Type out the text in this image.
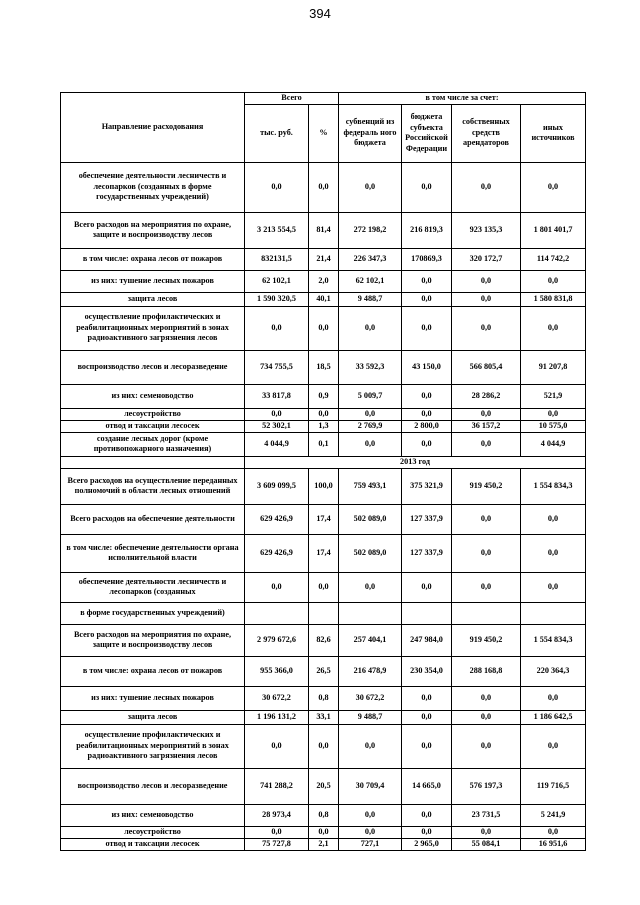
394
Направление расходования	Всего		в том числе за счет:			
	тыс. руб.	%	субвенций из федераль ного бюджета	бюджета субъекта Российской Федерации	собственных средств арендаторов	иных источников
обеспечение деятельности лесничеств и лесопарков (созданных в форме государственных учреждений)	0,0	0,0	0,0	0,0	0,0	0,0
Всего расходов на мероприятия по охране, защите и воспроизводству лесов	3 213 554,5	81,4	272 198,2	216 819,3	923 135,3	1 801 401,7
в том числе: охрана лесов от пожаров	832131,5	21,4	226 347,3	170869,3	320 172,7	114 742,2
из них: тушение лесных пожаров	62 102,1	2,0	62 102,1	0,0	0,0	0,0
защита лесов	1 590 320,5	40,1	9 488,7	0,0	0,0	1 580 831,8
осуществление профилактических и реабилитационных мероприятий в зонах радиоактивного загрязнения лесов	0,0	0,0	0,0	0,0	0,0	0,0
воспроизводство лесов и лесоразведение	734 755,5	18,5	33 592,3	43 150,0	566 805,4	91 207,8
из них: семеноводство	33 817,8	0,9	5 009,7	0,0	28 286,2	521,9
лесоустройство	0,0	0,0	0,0	0,0	0,0	0,0
отвод и таксации лесосек	52 302,1	1,3	2 769,9	2 800,0	36 157,2	10 575,0
создание лесных дорог (кроме противопожарного назначения)	4 044,9	0,1	0,0	0,0	0,0	4 044,9
	2013 год					
Всего расходов на осуществление переданных полномочий в области лесных отношений	3 609 099,5	100,0	759 493,1	375 321,9	919 450,2	1 554 834,3
Всего расходов на обеспечение деятельности	629 426,9	17,4	502 089,0	127 337,9	0,0	0,0
в том числе: обеспечение деятельности органа исполнительной власти	629 426,9	17,4	502 089,0	127 337,9	0,0	0,0
обеспечение деятельности лесничеств и лесопарков (созданных	0,0	0,0	0,0	0,0	0,0	0,0
в форме государственных учреждений)						
Всего расходов на мероприятия по охране, защите и воспроизводству лесов	2 979 672,6	82,6	257 404,1	247 984,0	919 450,2	1 554 834,3
в том числе: охрана лесов от пожаров	955 366,0	26,5	216 478,9	230 354,0	288 168,8	220 364,3
из них: тушение лесных пожаров	30 672,2	0,8	30 672,2	0,0	0,0	0,0
защита лесов	1 196 131,2	33,1	9 488,7	0,0	0,0	1 186 642,5
осуществление профилактических и реабилитационных мероприятий в зонах радиоактивного загрязнения лесов	0,0	0,0	0,0	0,0	0,0	0,0
воспроизводство лесов и лесоразведение	741 288,2	20,5	30 709,4	14 665,0	576 197,3	119 716,5
из них: семеноводство	28 973,4	0,8	0,0	0,0	23 731,5	5 241,9
лесоустройство	0,0	0,0	0,0	0,0	0,0	0,0
отвод и таксации лесосек	75 727,8	2,1	727,1	2 965,0	55 084,1	16 951,6
